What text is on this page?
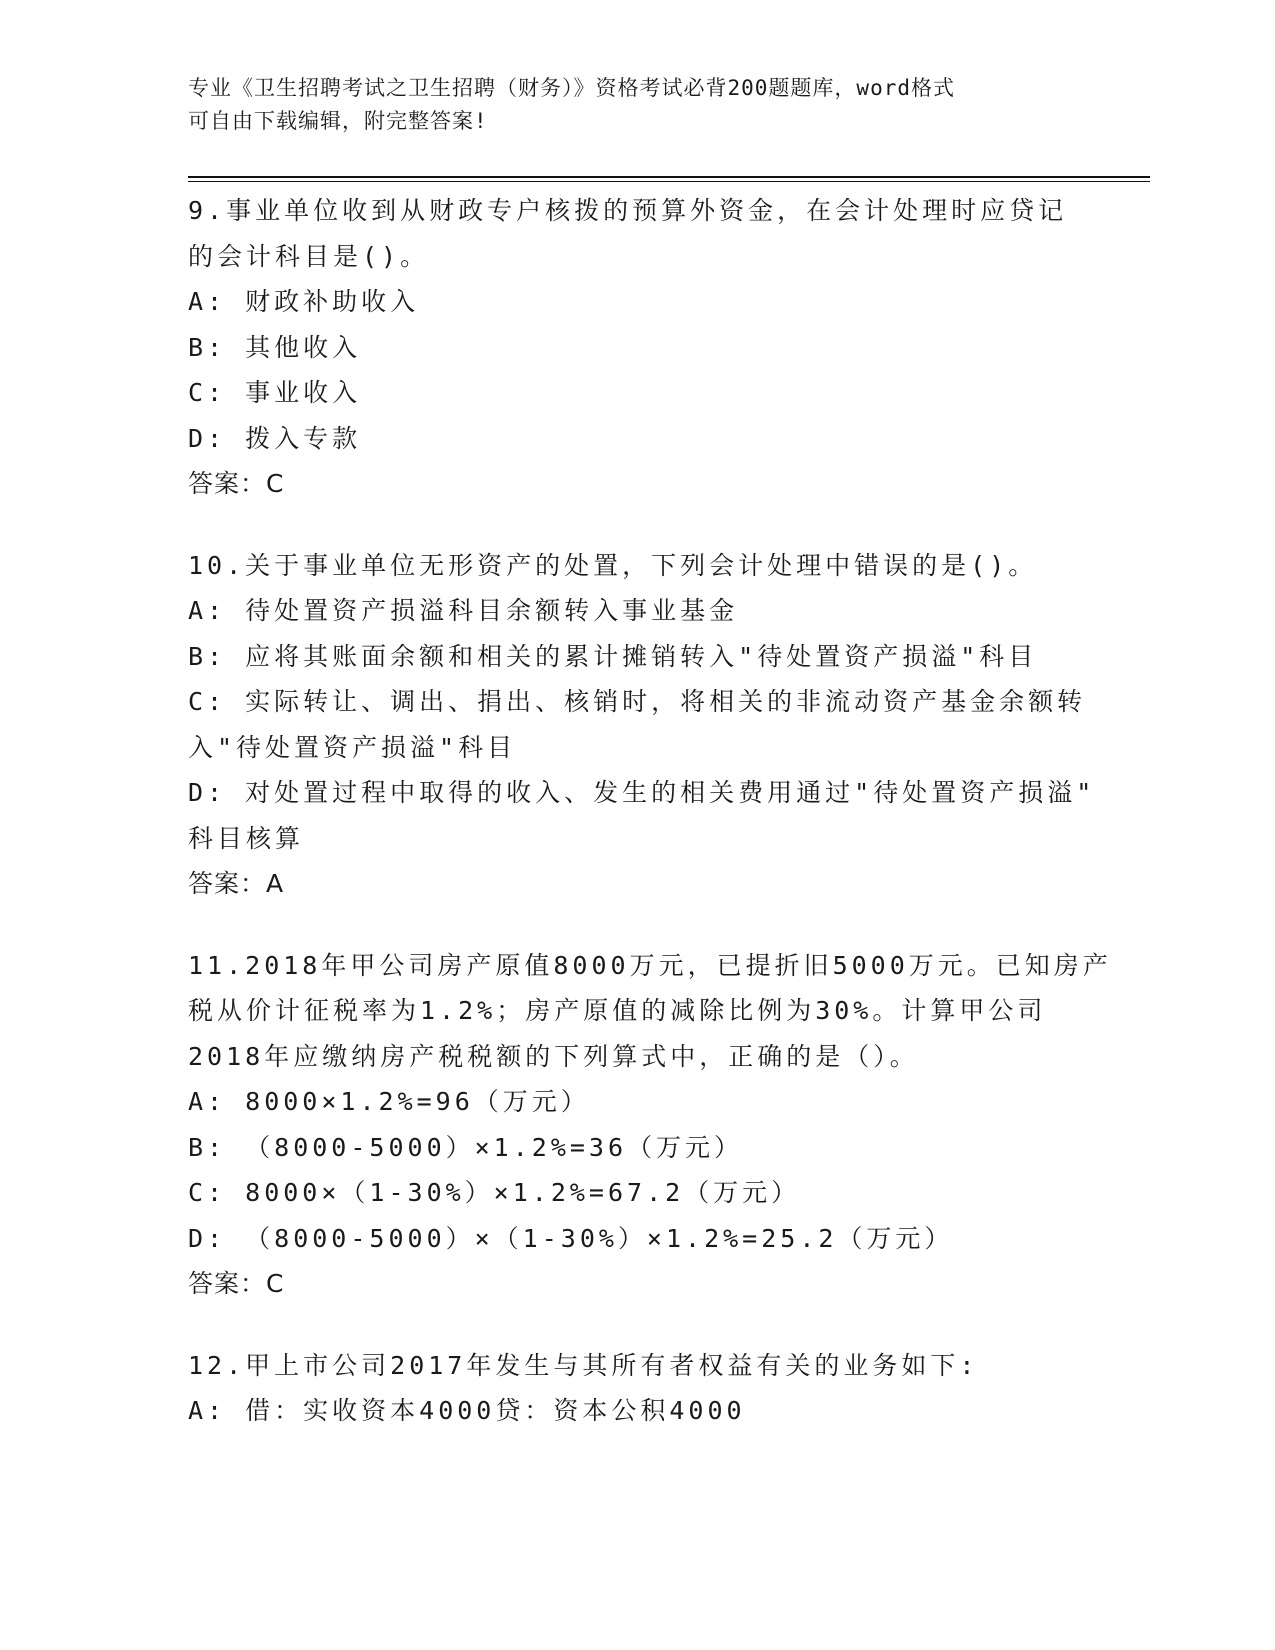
专业《卫生招聘考试之卫生招聘（财务）》资格考试必背200题题库，word格式
可自由下载编辑，附完整答案!
9.事业单位收到从财政专户核拨的预算外资金，在会计处理时应贷记
的会计科目是()。
A: 财政补助收入
B: 其他收入
C: 事业收入
D: 拨入专款
答案：C
10.关于事业单位无形资产的处置，下列会计处理中错误的是()。
A: 待处置资产损溢科目余额转入事业基金
B: 应将其账面余额和相关的累计摊销转入"待处置资产损溢"科目
C: 实际转让、调出、捐出、核销时，将相关的非流动资产基金余额转
入"待处置资产损溢"科目
D: 对处置过程中取得的收入、发生的相关费用通过"待处置资产损溢"
科目核算
答案：A
11.2018年甲公司房产原值8000万元，已提折旧5000万元。已知房产
税从价计征税率为1.2%；房产原值的减除比例为30%。计算甲公司
2018年应缴纳房产税税额的下列算式中，正确的是（）。
A: 8000×1.2%=96（万元）
B: （8000-5000）×1.2%=36（万元）
C: 8000×（1-30%）×1.2%=67.2（万元）
D: （8000-5000）×（1-30%）×1.2%=25.2（万元）
答案：C
12.甲上市公司2017年发生与其所有者权益有关的业务如下:
A: 借：实收资本4000贷：资本公积4000
